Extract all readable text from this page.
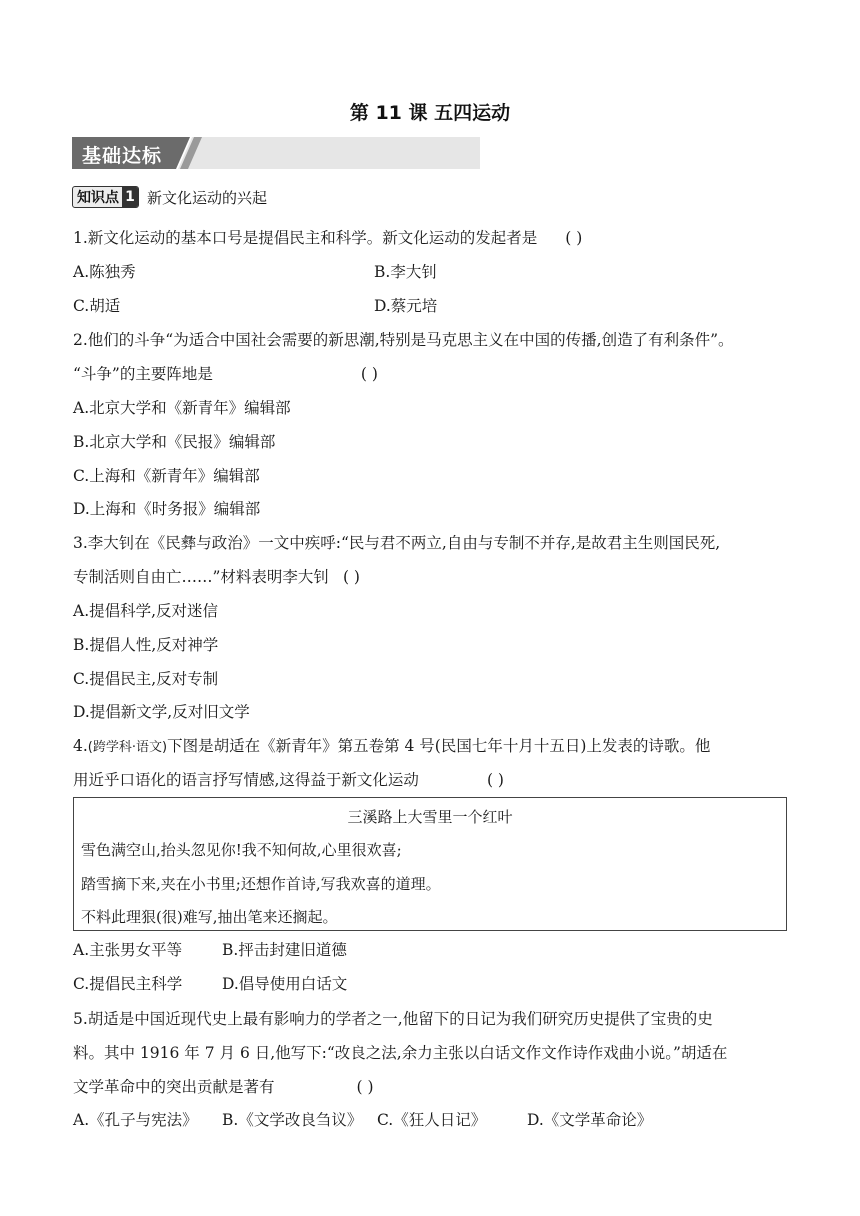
第 11 课 五四运动
基础达标
知识点 1 新文化运动的兴起
1.新文化运动的基本口号是提倡民主和科学。新文化运动的发起者是 ( )
A.陈独秀	B.李大钊
C.胡适	D.蔡元培
2.他们的斗争“为适合中国社会需要的新思潮,特别是马克思主义在中国的传播,创造了有利条件”。
“斗争”的主要阵地是	( )
A.北京大学和《新青年》编辑部
B.北京大学和《民报》编辑部
C.上海和《新青年》编辑部
D.上海和《时务报》编辑部
3.李大钊在《民彝与政治》一文中疾呼:“民与君不两立,自由与专制不并存,是故君主生则国民死,
专制活则自由亡……”材料表明李大钊 ( )
A.提倡科学,反对迷信
B.提倡人性,反对神学
C.提倡民主,反对专制
D.提倡新文学,反对旧文学
4.(跨学科·语文)下图是胡适在《新青年》第五卷第 4 号(民国七年十月十五日)上发表的诗歌。他
用近乎口语化的语言抒写情感,这得益于新文化运动	( )
三溪路上大雪里一个红叶
雪色满空山,抬头忽见你!我不知何故,心里很欢喜;
踏雪摘下来,夹在小书里;还想作首诗,写我欢喜的道理。
不料此理狠(很)难写,抽出笔来还搁起。
A.主张男女平等	B.抨击封建旧道德
C.提倡民主科学	D.倡导使用白话文
5.胡适是中国近现代史上最有影响力的学者之一,他留下的日记为我们研究历史提供了宝贵的史
料。其中 1916 年 7 月 6 日,他写下:“改良之法,余力主张以白话文作文作诗作戏曲小说。”胡适在
文学革命中的突出贡献是著有	( )
A.《孔子与宪法》 B.《文学改良刍议》 C.《狂人日记》	D.《文学革命论》
